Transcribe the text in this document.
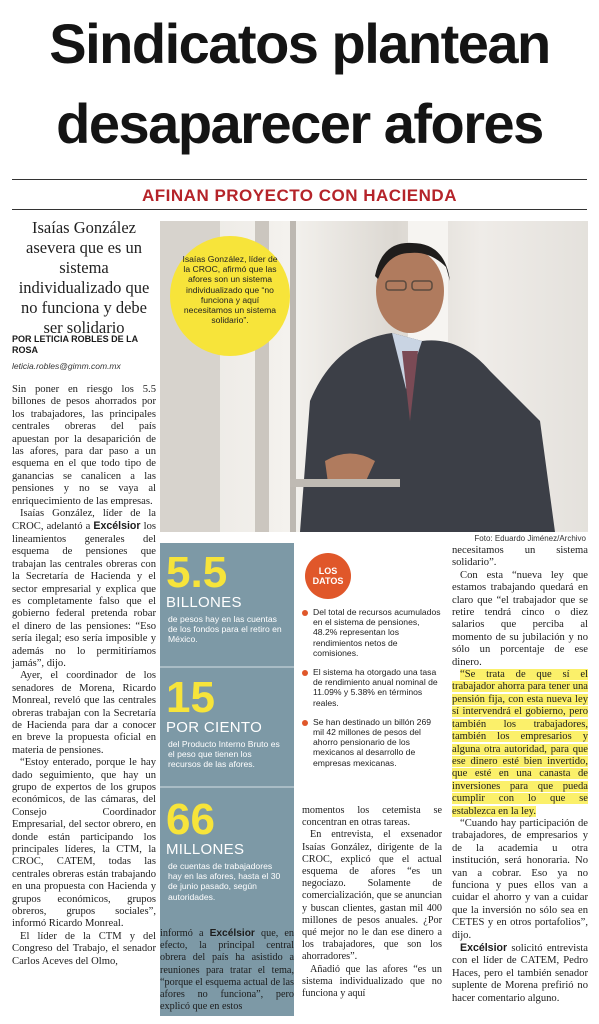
Sindicatos plantean
desaparecer afores
AFINAN PROYECTO CON HACIENDA
Isaías González asevera que es un sistema individualizado que no funciona y debe ser solidario
POR LETICIA ROBLES DE LA ROSA
leticia.robles@gimm.com.mx

Sin poner en riesgo los 5.5 billones de pesos ahorrados por los trabajadores, las principales centrales obreras del país apuestan por la desaparición de las afores, para dar paso a un esquema en el que todo tipo de ganancias se canalicen a las pensiones y no se vaya al enriquecimiento de las empresas.

Isaías González, líder de la CROC, adelantó a Excélsior los lineamientos generales del esquema de pensiones que trabajan las centrales obreras con la Secretaría de Hacienda y el sector empresarial y explica que es completamente falso que el gobierno federal pretenda robar el dinero de las pensiones: “Eso sería ilegal; eso sería imposible y además no lo permitiríamos jamás”, dijo.

Ayer, el coordinador de los senadores de Morena, Ricardo Monreal, reveló que las centrales obreras trabajan con la Secretaría de Hacienda para dar a conocer en breve la propuesta oficial en materia de pensiones.

“Estoy enterado, porque le hay dado seguimiento, que hay un grupo de expertos de los grupos económicos, de las cámaras, del Consejo Coordinador Empresarial, del sector obrero, en donde están participando los principales líderes, la CTM, la CROC, CATEM, todas las centrales obreras están trabajando en una propuesta con Hacienda y grupos económicos, grupos obreros, grupos sociales”, informó Ricardo Monreal.

El líder de la CTM y del Congreso del Trabajo, el senador Carlos Aceves del Olmo,

Isaías González, líder de la CROC, afirmó que las afores son un sistema individualizado que “no funciona y aquí necesitamos un sistema solidario”.
Foto: Eduardo Jiménez/Archivo
5.5
BILLONES
de pesos hay en las cuentas de los fondos para el retiro en México.
15
POR CIENTO
del Producto Interno Bruto es el peso que tienen los recursos de las afores.
66
MILLONES
de cuentas de trabajadores hay en las afores, hasta el 30 de junio pasado, según autoridades.
LOS DATOS
Del total de recursos acumulados en el sistema de pensiones, 48.2% representan los rendimientos netos de comisiones.
El sistema ha otorgado una tasa de rendimiento anual nominal de 11.09% y 5.38% en términos reales.
Se han destinado un billón 269 mil 42 millones de pesos del ahorro pensionario de los mexicanos al desarrollo de empresas mexicanas.

informó a Excélsior que, en efecto, la principal central obrera del país ha asistido a reuniones para tratar el tema, “porque el esquema actual de las afores no funciona”, pero explicó que en estos

momentos los cetemista se concentran en otras tareas.

En entrevista, el exsenador Isaías González, dirigente de la CROC, explicó que el actual esquema de afores “es un negociazo. Solamente de comercialización, que se anuncian y buscan clientes, gastan mil 400 millones de pesos anuales. ¿Por qué mejor no le dan ese dinero a los trabajadores, que son los ahorradores”.

Añadió que las afores “es un sistema individualizado que no funciona y aquí

necesitamos un sistema solidario”.

Con esta “nueva ley que estamos trabajando quedará en claro que “el trabajador que se retire tendrá cinco o diez salarios que perciba al momento de su jubilación y no sólo un porcentaje de ese dinero.

“Se trata de que sí el trabajador ahorra para tener una pensión fija, con esta nueva ley sí intervendrá el gobierno, pero también los trabajadores, también los empresarios y alguna otra autoridad, para que ese dinero esté bien invertido, que esté en una canasta de inversiones para que pueda cumplir con lo que se establezca en la ley.

“Cuando hay participación de trabajadores, de empresarios y de la academia u otra institución, será honoraria. No van a cobrar. Eso ya no funciona y pues ellos van a cuidar el ahorro y van a cuidar que la inversión no sólo sea en CETES y en otros portafolios”, dijo.

Excélsior solicitó entrevista con el líder de CATEM, Pedro Haces, pero el también senador suplente de Morena prefirió no hacer comentario alguno.
